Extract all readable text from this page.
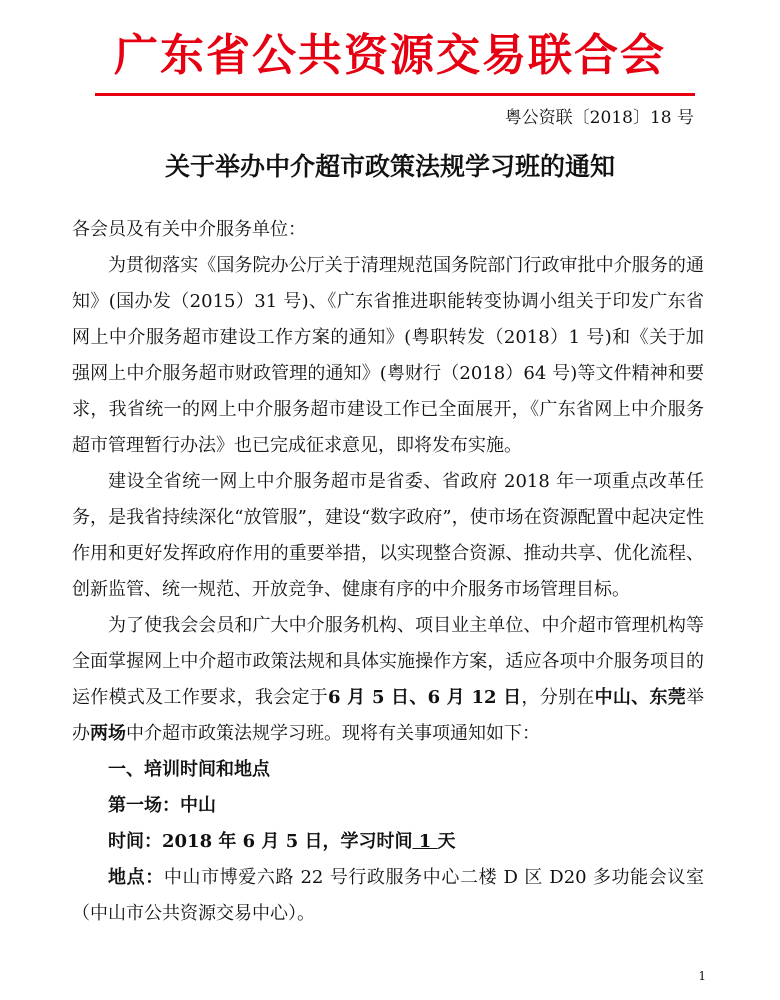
广东省公共资源交易联合会
粤公资联〔2018〕18 号
关于举办中介超市政策法规学习班的通知

各会员及有关中介服务单位：

为贯彻落实《国务院办公厅关于清理规范国务院部门行政审批中介服务的通知》(国办发（2015）31 号)、《广东省推进职能转变协调小组关于印发广东省网上中介服务超市建设工作方案的通知》(粤职转发（2018）1 号)和《关于加强网上中介服务超市财政管理的通知》(粤财行（2018）64 号)等文件精神和要求，我省统一的网上中介服务超市建设工作已全面展开，《广东省网上中介服务超市管理暂行办法》也已完成征求意见，即将发布实施。

建设全省统一网上中介服务超市是省委、省政府 2018 年一项重点改革任务，是我省持续深化“放管服”，建设“数字政府”，使市场在资源配置中起决定性作用和更好发挥政府作用的重要举措，以实现整合资源、推动共享、优化流程、创新监管、统一规范、开放竞争、健康有序的中介服务市场管理目标。

为了使我会会员和广大中介服务机构、项目业主单位、中介超市管理机构等全面掌握网上中介超市政策法规和具体实施操作方案，适应各项中介服务项目的运作模式及工作要求，我会定于6 月 5 日、6 月 12 日，分别在中山、东莞举办两场中介超市政策法规学习班。现将有关事项通知如下：

一、培训时间和地点

第一场：中山

时间：2018 年 6 月 5 日，学习时间 1 天

地点：中山市博爱六路 22 号行政服务中心二楼 D 区 D20 多功能会议室（中山市公共资源交易中心）。

1
